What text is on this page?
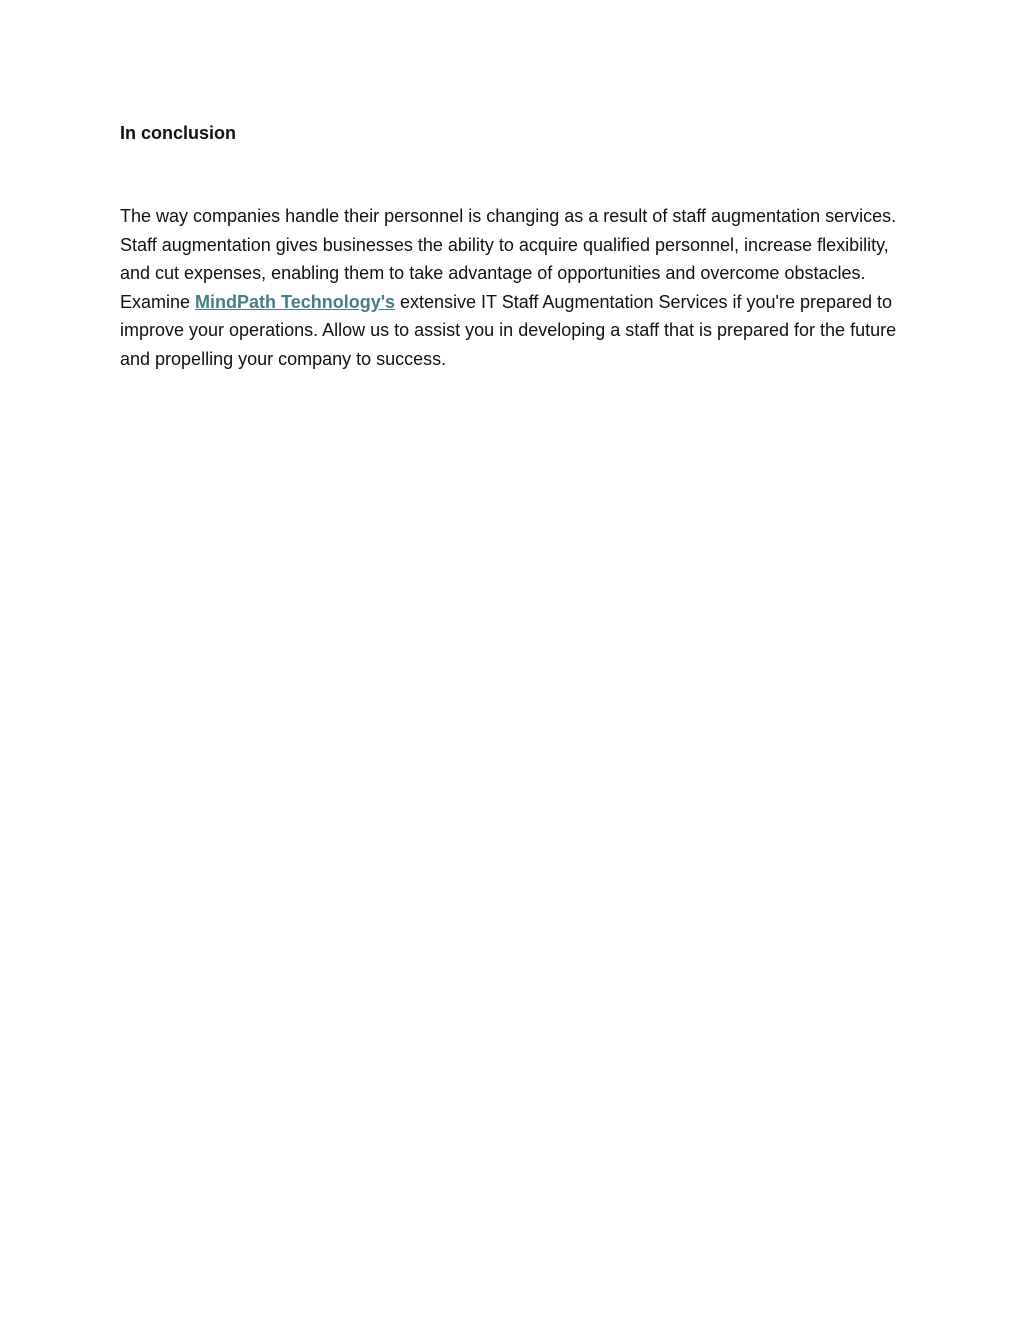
In conclusion

The way companies handle their personnel is changing as a result of staff augmentation services. Staff augmentation gives businesses the ability to acquire qualified personnel, increase flexibility, and cut expenses, enabling them to take advantage of opportunities and overcome obstacles. Examine MindPath Technology's extensive IT Staff Augmentation Services if you're prepared to improve your operations. Allow us to assist you in developing a staff that is prepared for the future and propelling your company to success.
